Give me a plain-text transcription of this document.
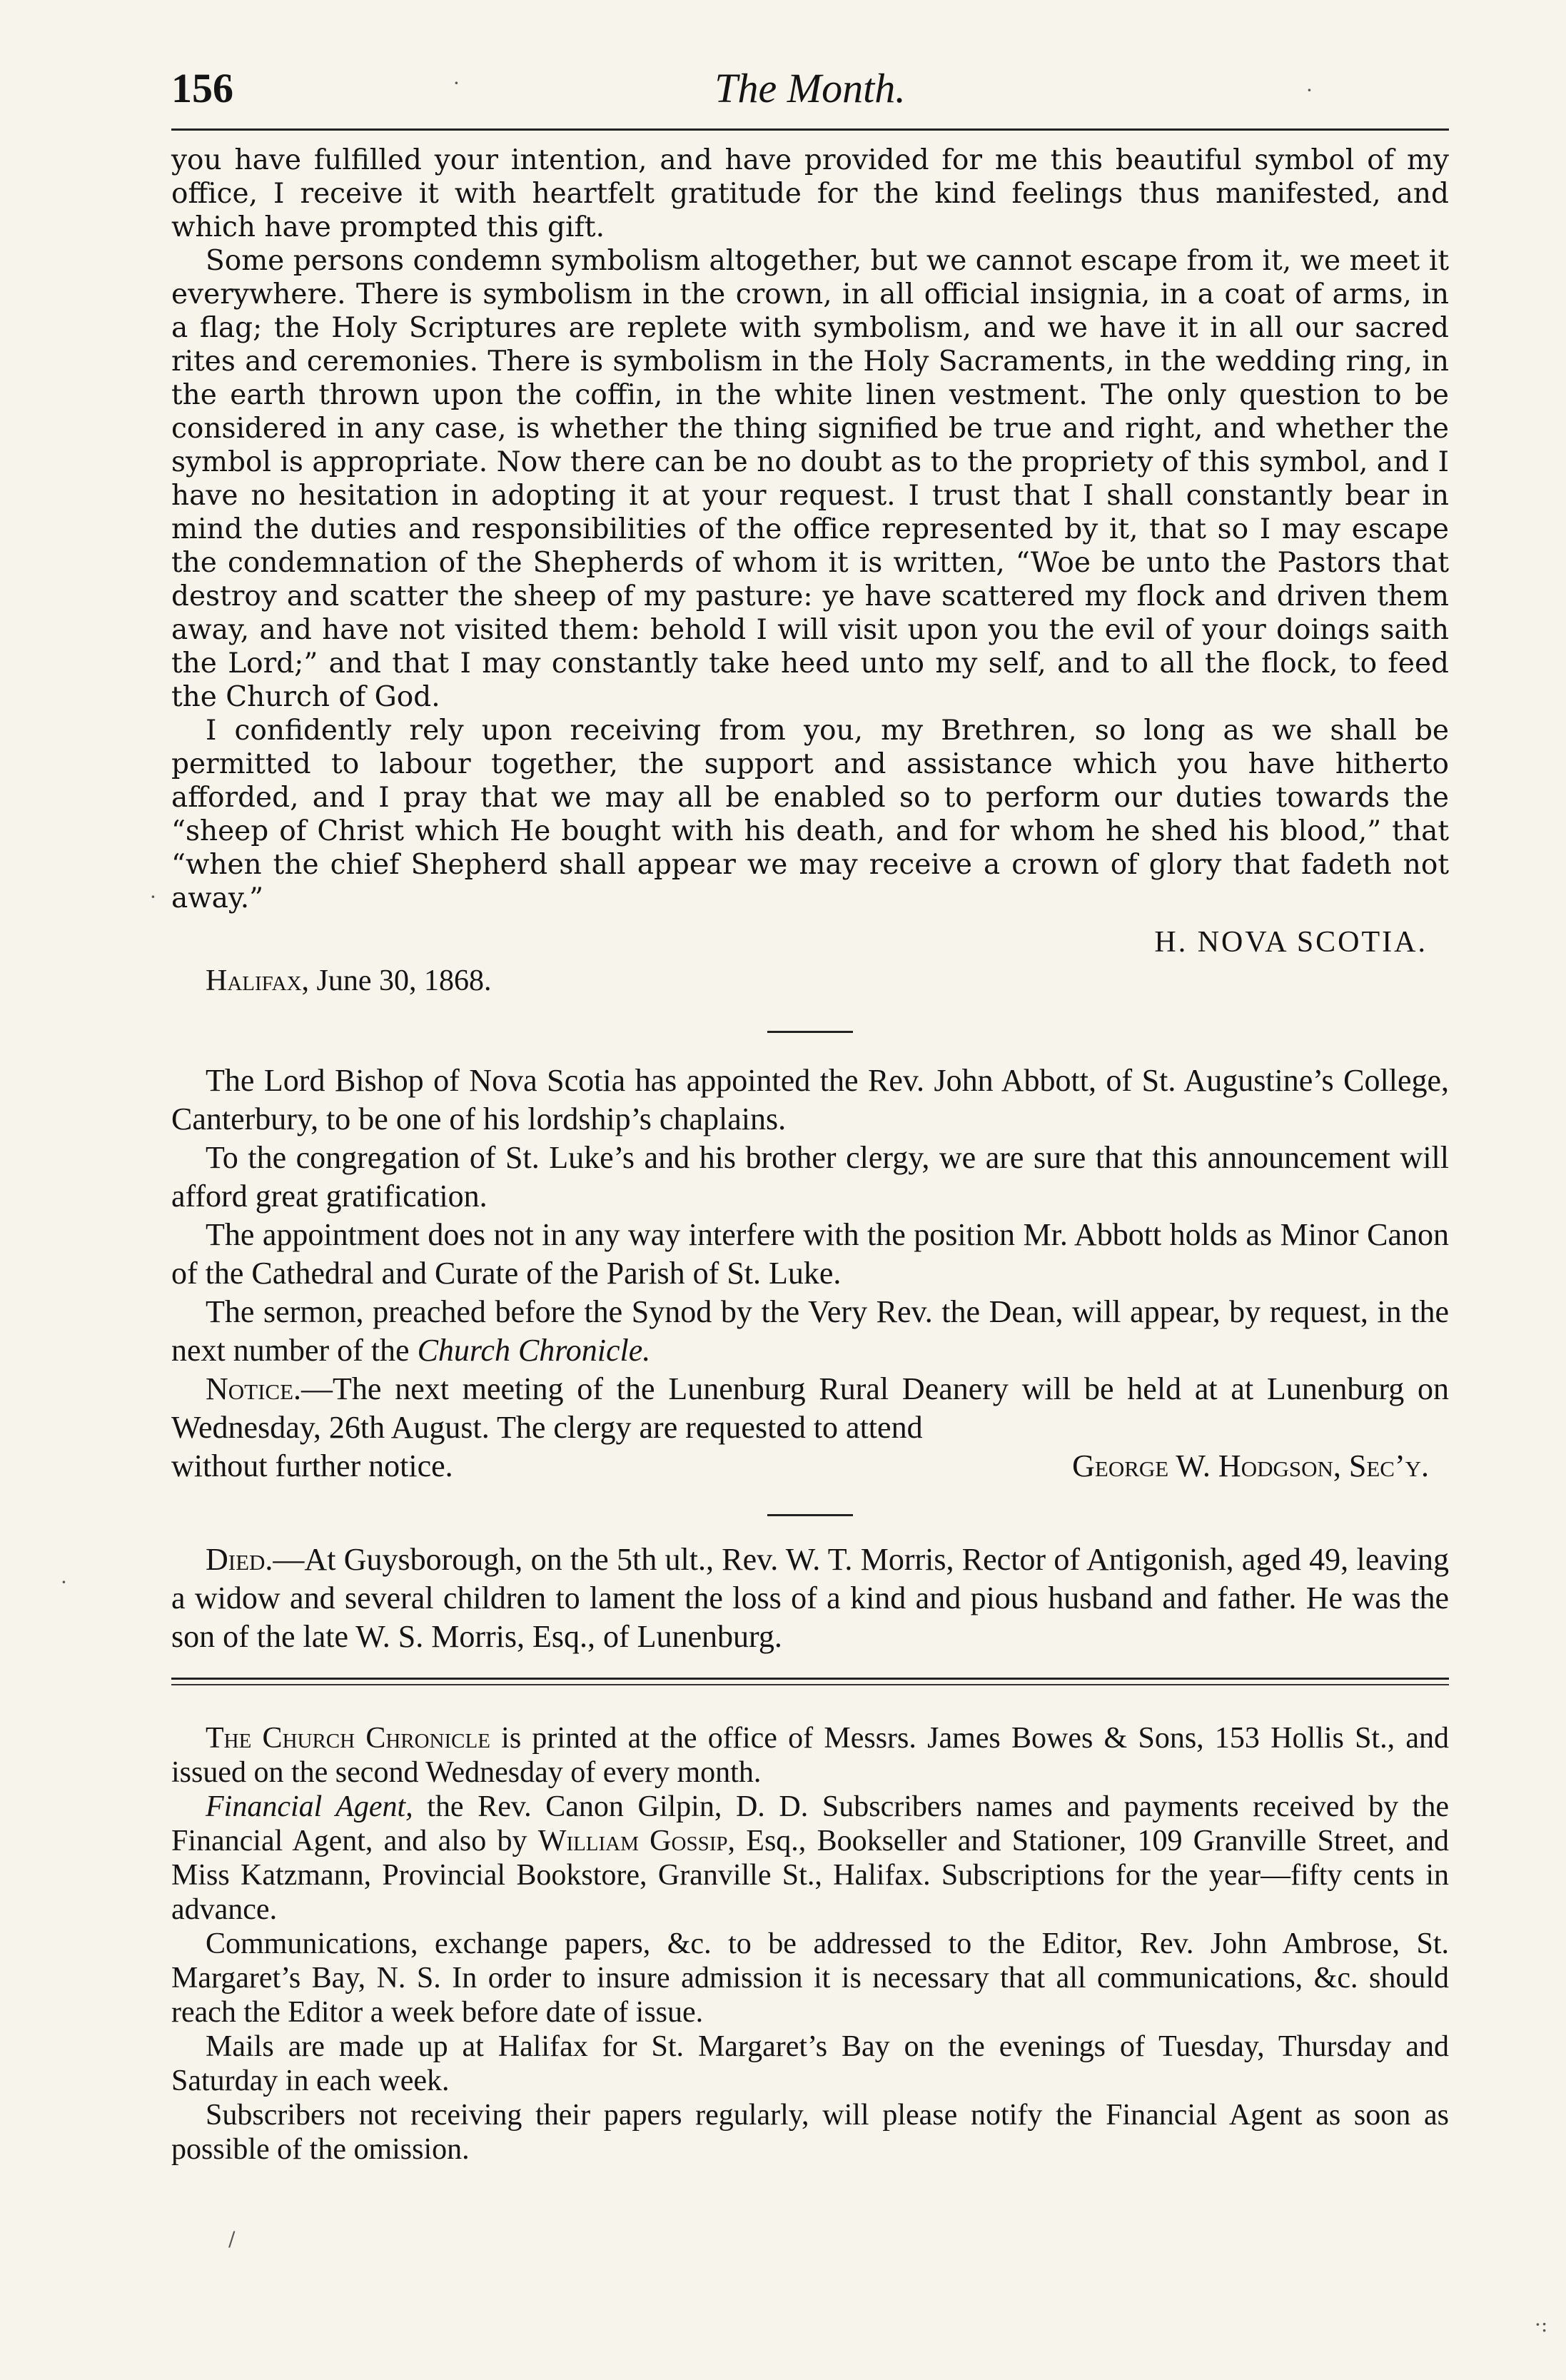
156	The Month.

you have fulfilled your intention, and have provided for me this beautiful symbol of my office, I receive it with heartfelt gratitude for the kind feelings thus manifested, and which have prompted this gift.

Some persons condemn symbolism altogether, but we cannot escape from it, we meet it everywhere. There is symbolism in the crown, in all official insignia, in a coat of arms, in a flag; the Holy Scriptures are replete with symbolism, and we have it in all our sacred rites and ceremonies. There is symbolism in the Holy Sacraments, in the wedding ring, in the earth thrown upon the coffin, in the white linen vestment. The only question to be considered in any case, is whether the thing signified be true and right, and whether the symbol is appropriate. Now there can be no doubt as to the propriety of this symbol, and I have no hesitation in adopting it at your request. I trust that I shall constantly bear in mind the duties and responsibilities of the office represented by it, that so I may escape the condemnation of the Shepherds of whom it is written, “Woe be unto the Pastors that destroy and scatter the sheep of my pasture: ye have scattered my flock and driven them away, and have not visited them: behold I will visit upon you the evil of your doings saith the Lord;” and that I may constantly take heed unto my self, and to all the flock, to feed the Church of God.

I confidently rely upon receiving from you, my Brethren, so long as we shall be permitted to labour together, the support and assistance which you have hitherto afforded, and I pray that we may all be enabled so to perform our duties towards the “sheep of Christ which He bought with his death, and for whom he shed his blood,” that “when the chief Shepherd shall appear we may receive a crown of glory that fadeth not away.”

H. NOVA SCOTIA.
Halifax, June 30, 1868.

The Lord Bishop of Nova Scotia has appointed the Rev. John Abbott, of St. Augustine’s College, Canterbury, to be one of his lordship’s chaplains.

To the congregation of St. Luke’s and his brother clergy, we are sure that this announcement will afford great gratification.

The appointment does not in any way interfere with the position Mr. Abbott holds as Minor Canon of the Cathedral and Curate of the Parish of St. Luke.

The sermon, preached before the Synod by the Very Rev. the Dean, will appear, by request, in the next number of the Church Chronicle.

Notice.—The next meeting of the Lunenburg Rural Deanery will be held at at Lunenburg on Wednesday, 26th August. The clergy are requested to attend

without further notice.	George W. Hodgson, Sec’y.

Died.—At Guysborough, on the 5th ult., Rev. W. T. Morris, Rector of Antigonish, aged 49, leaving a widow and several children to lament the loss of a kind and pious husband and father. He was the son of the late W. S. Morris, Esq., of Lunenburg.

The Church Chronicle is printed at the office of Messrs. James Bowes & Sons, 153 Hollis St., and issued on the second Wednesday of every month.

Financial Agent, the Rev. Canon Gilpin, D. D. Subscribers names and payments received by the Financial Agent, and also by William Gossip, Esq., Bookseller and Stationer, 109 Granville Street, and Miss Katzmann, Provincial Bookstore, Granville St., Halifax. Subscriptions for the year—fifty cents in advance.

Communications, exchange papers, &c. to be addressed to the Editor, Rev. John Ambrose, St. Margaret’s Bay, N. S. In order to insure admission it is necessary that all communications, &c. should reach the Editor a week before date of issue.

Mails are made up at Halifax for St. Margaret’s Bay on the evenings of Tuesday, Thursday and Saturday in each week.

Subscribers not receiving their papers regularly, will please notify the Financial Agent as soon as possible of the omission.

·	·
·
·
/
·:
